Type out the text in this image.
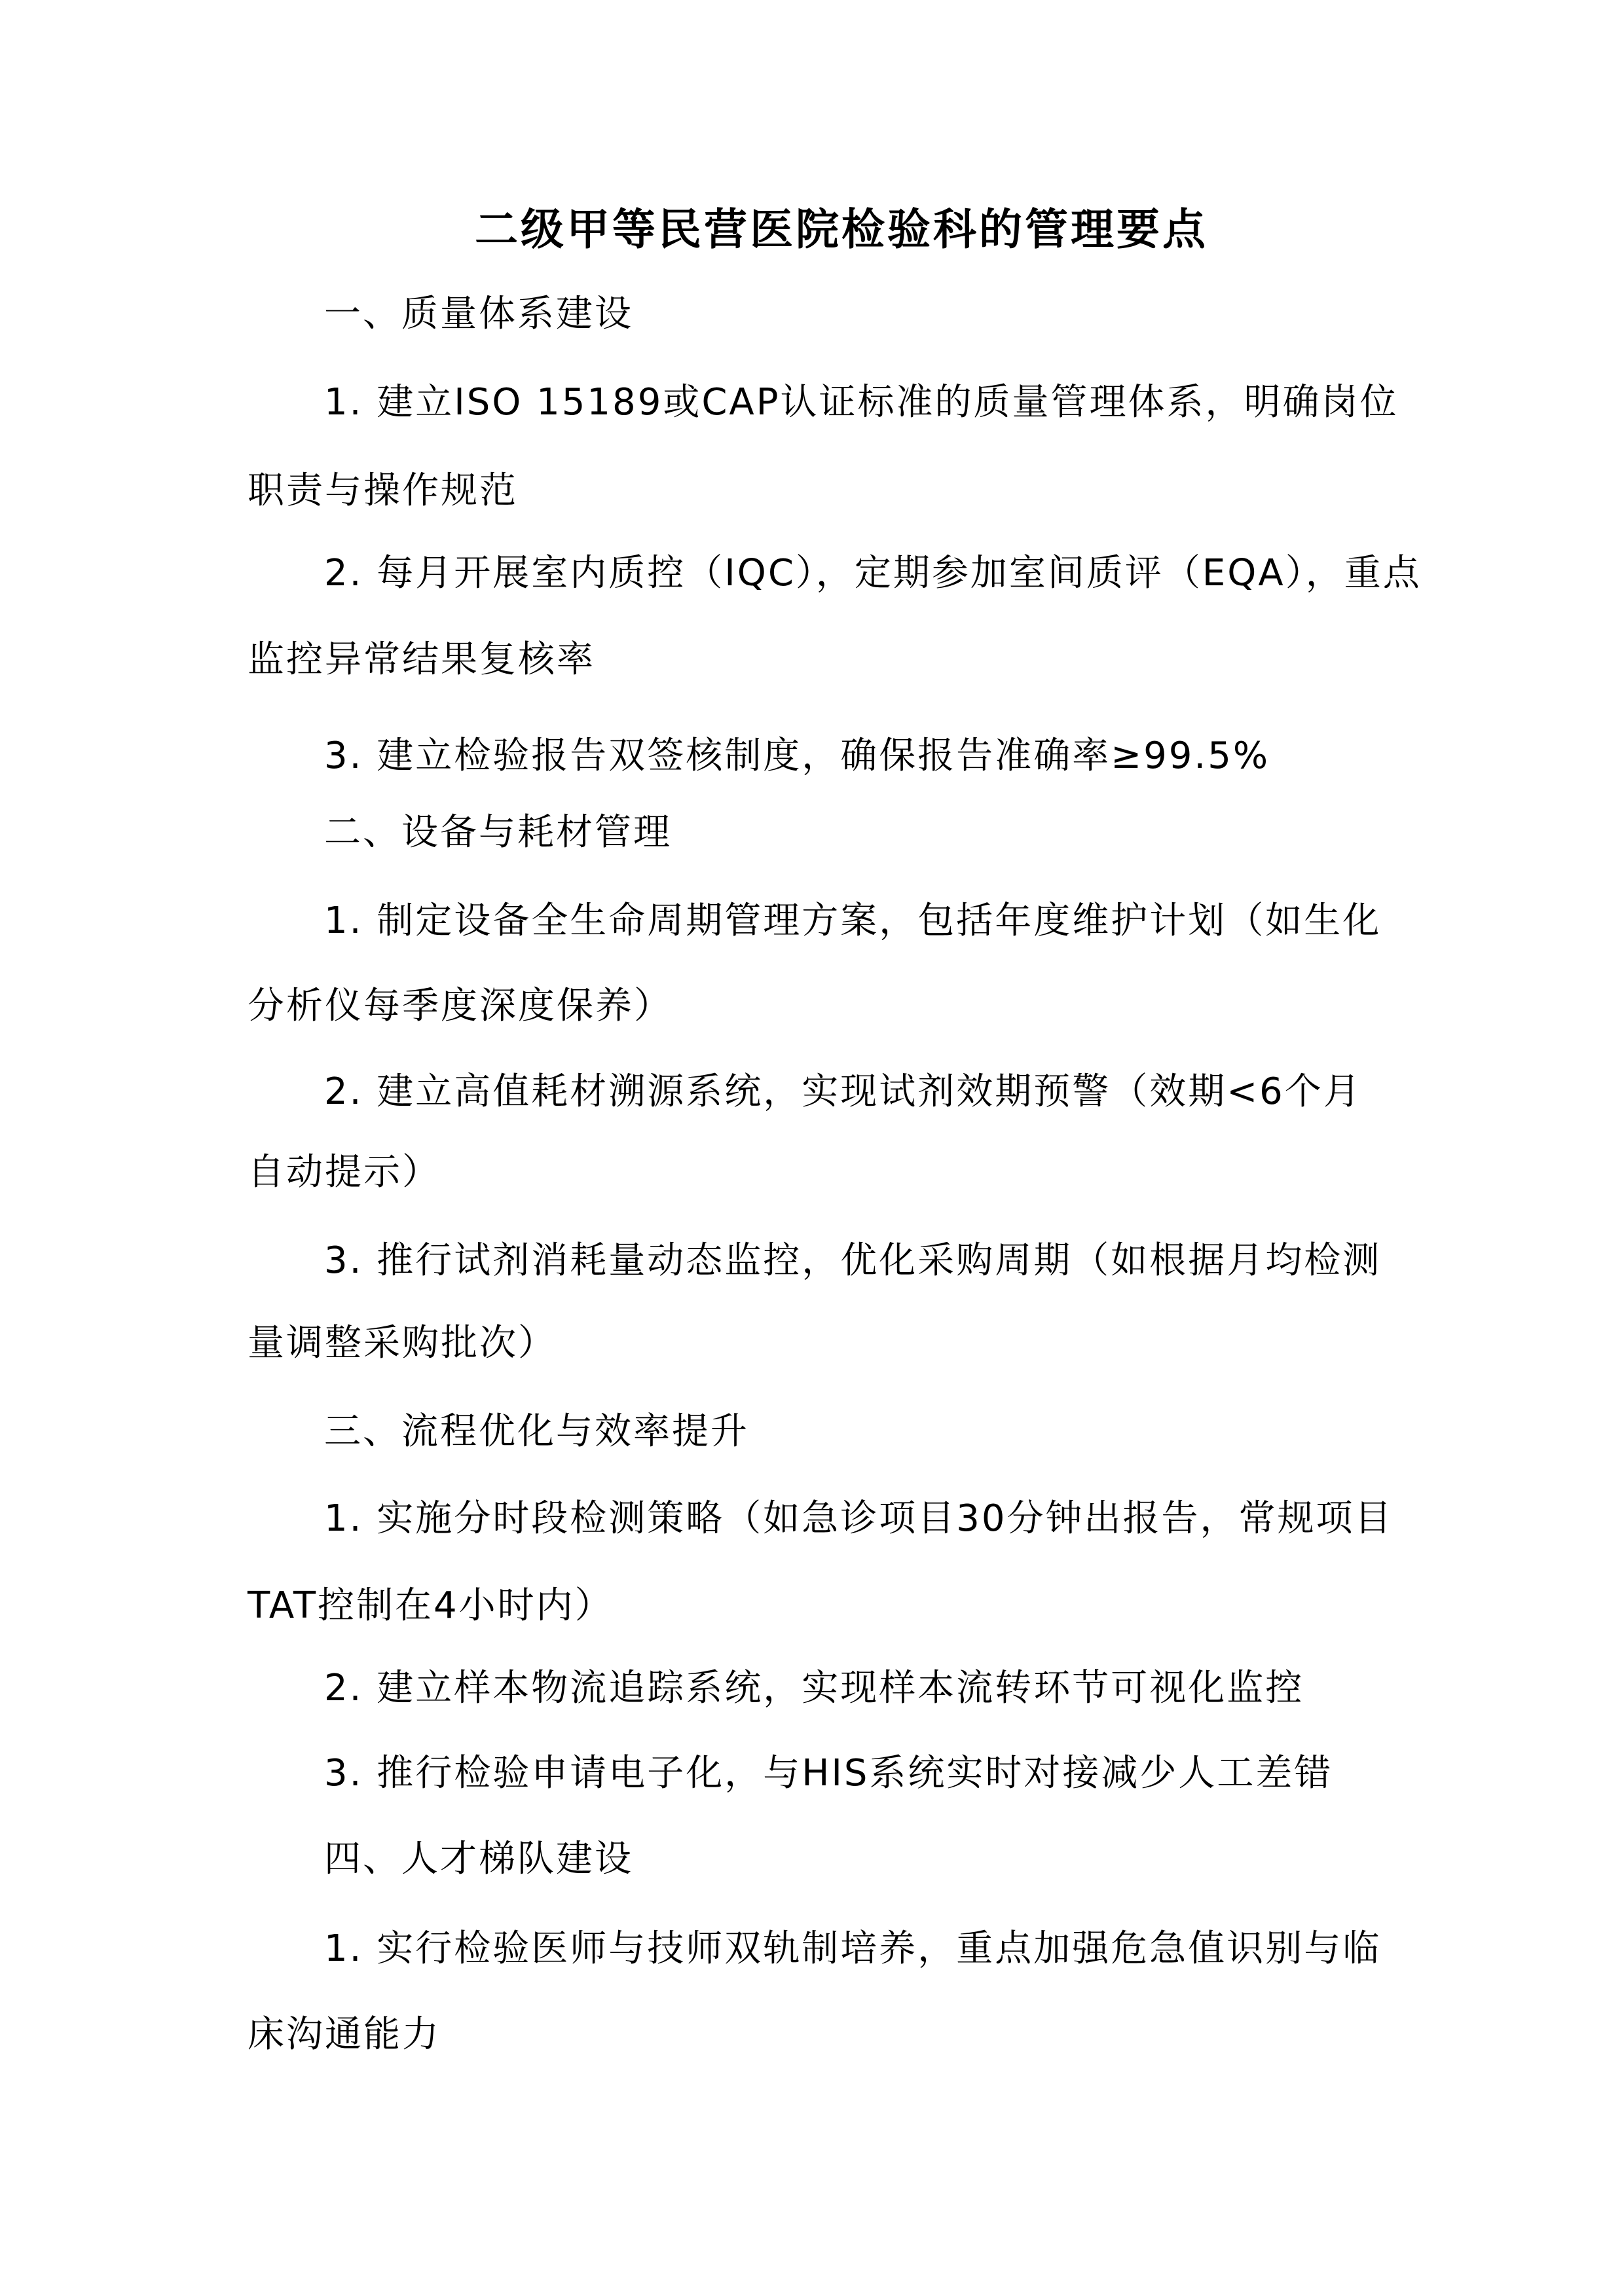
二级甲等民营医院检验科的管理要点
一、质量体系建设
1. 建立ISO 15189或CAP认证标准的质量管理体系，明确岗位
职责与操作规范
2. 每月开展室内质控（IQC），定期参加室间质评（EQA），重点
监控异常结果复核率
3. 建立检验报告双签核制度，确保报告准确率≥99.5%
二、设备与耗材管理
1. 制定设备全生命周期管理方案，包括年度维护计划（如生化
分析仪每季度深度保养）
2. 建立高值耗材溯源系统，实现试剂效期预警（效期<6个月
自动提示）
3. 推行试剂消耗量动态监控，优化采购周期（如根据月均检测
量调整采购批次）
三、流程优化与效率提升
1. 实施分时段检测策略（如急诊项目30分钟出报告，常规项目
TAT控制在4小时内）
2. 建立样本物流追踪系统，实现样本流转环节可视化监控
3. 推行检验申请电子化，与HIS系统实时对接减少人工差错
四、人才梯队建设
1. 实行检验医师与技师双轨制培养，重点加强危急值识别与临
床沟通能力
